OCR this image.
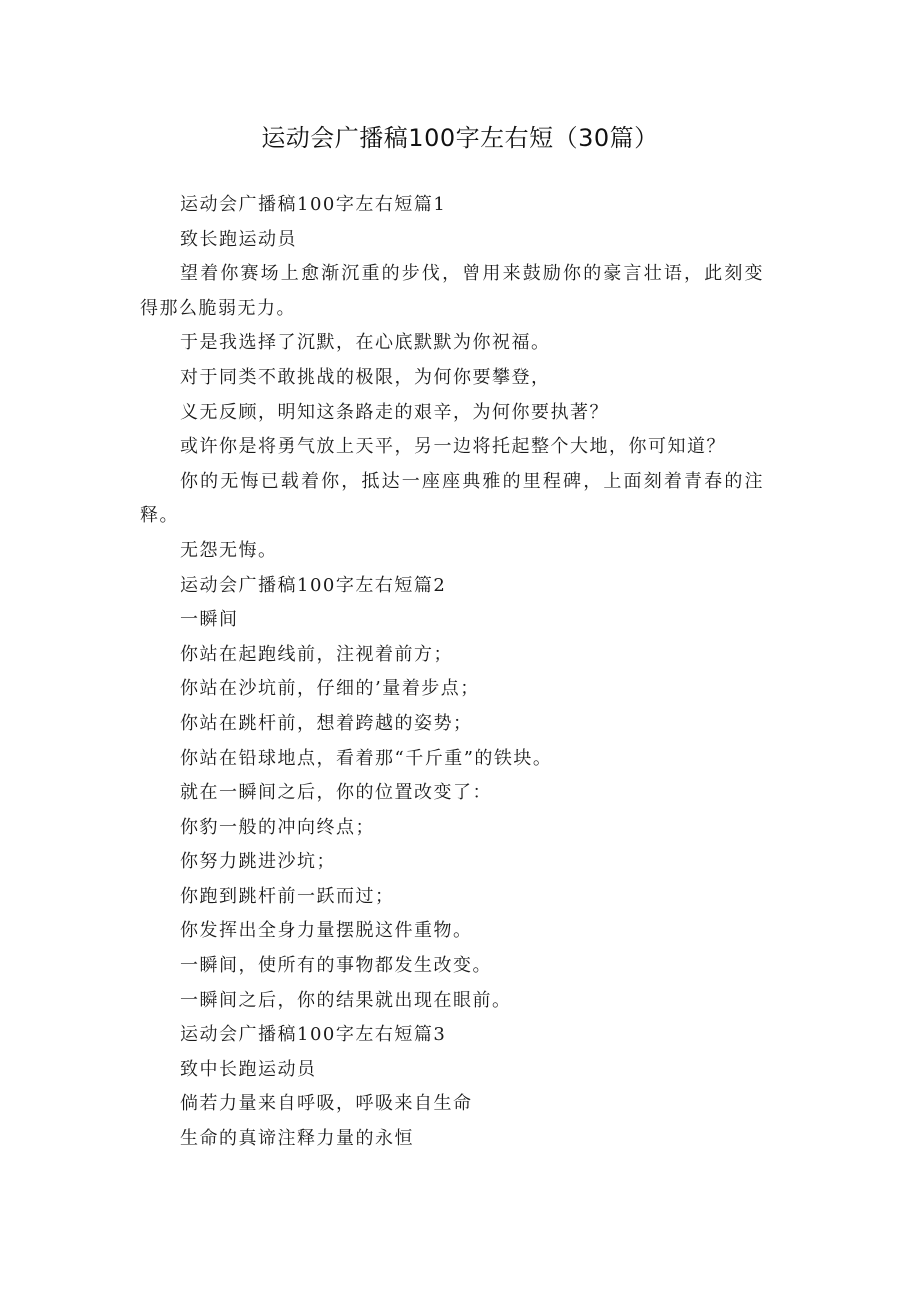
运动会广播稿100字左右短（30篇）

运动会广播稿100字左右短篇1

致长跑运动员

望着你赛场上愈渐沉重的步伐，曾用来鼓励你的豪言壮语，此刻变得那么脆弱无力。

于是我选择了沉默，在心底默默为你祝福。

对于同类不敢挑战的极限，为何你要攀登，

义无反顾，明知这条路走的艰辛，为何你要执著？

或许你是将勇气放上天平，另一边将托起整个大地，你可知道？

你的无悔已载着你，抵达一座座典雅的里程碑，上面刻着青春的注释。

无怨无悔。

运动会广播稿100字左右短篇2

一瞬间

你站在起跑线前，注视着前方；

你站在沙坑前，仔细的’量着步点；

你站在跳杆前，想着跨越的姿势；

你站在铅球地点，看着那“千斤重”的铁块。

就在一瞬间之后，你的位置改变了：

你豹一般的冲向终点；

你努力跳进沙坑；

你跑到跳杆前一跃而过；

你发挥出全身力量摆脱这件重物。

一瞬间，使所有的事物都发生改变。

一瞬间之后，你的结果就出现在眼前。

运动会广播稿100字左右短篇3

致中长跑运动员

倘若力量来自呼吸，呼吸来自生命

生命的真谛注释力量的永恒
